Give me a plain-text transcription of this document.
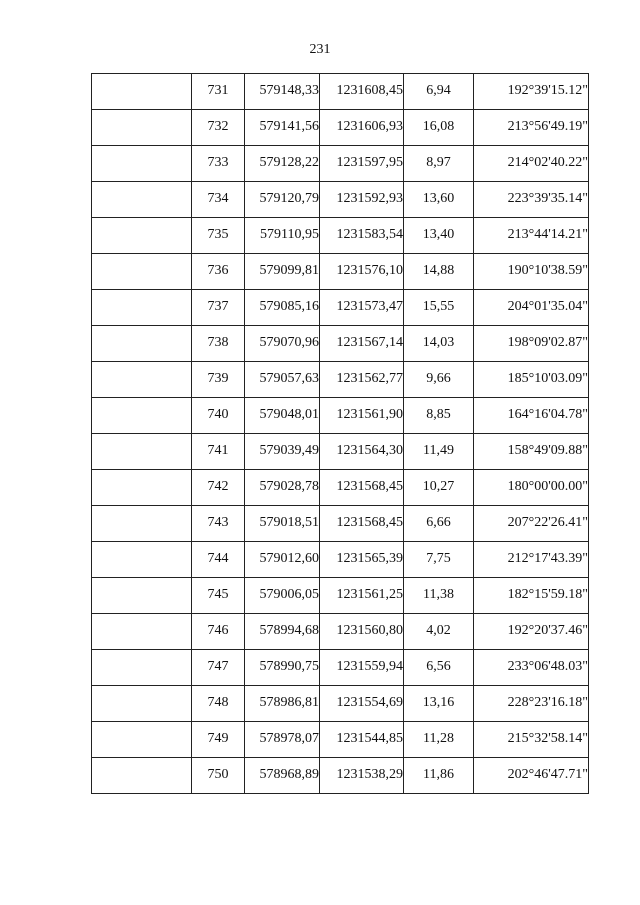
231
	731	579148,33	1231608,45	6,94	192°39'15.12"
	732	579141,56	1231606,93	16,08	213°56'49.19"
	733	579128,22	1231597,95	8,97	214°02'40.22"
	734	579120,79	1231592,93	13,60	223°39'35.14"
	735	579110,95	1231583,54	13,40	213°44'14.21"
	736	579099,81	1231576,10	14,88	190°10'38.59"
	737	579085,16	1231573,47	15,55	204°01'35.04"
	738	579070,96	1231567,14	14,03	198°09'02.87"
	739	579057,63	1231562,77	9,66	185°10'03.09"
	740	579048,01	1231561,90	8,85	164°16'04.78"
	741	579039,49	1231564,30	11,49	158°49'09.88"
	742	579028,78	1231568,45	10,27	180°00'00.00"
	743	579018,51	1231568,45	6,66	207°22'26.41"
	744	579012,60	1231565,39	7,75	212°17'43.39"
	745	579006,05	1231561,25	11,38	182°15'59.18"
	746	578994,68	1231560,80	4,02	192°20'37.46"
	747	578990,75	1231559,94	6,56	233°06'48.03"
	748	578986,81	1231554,69	13,16	228°23'16.18"
	749	578978,07	1231544,85	11,28	215°32'58.14"
	750	578968,89	1231538,29	11,86	202°46'47.71"
